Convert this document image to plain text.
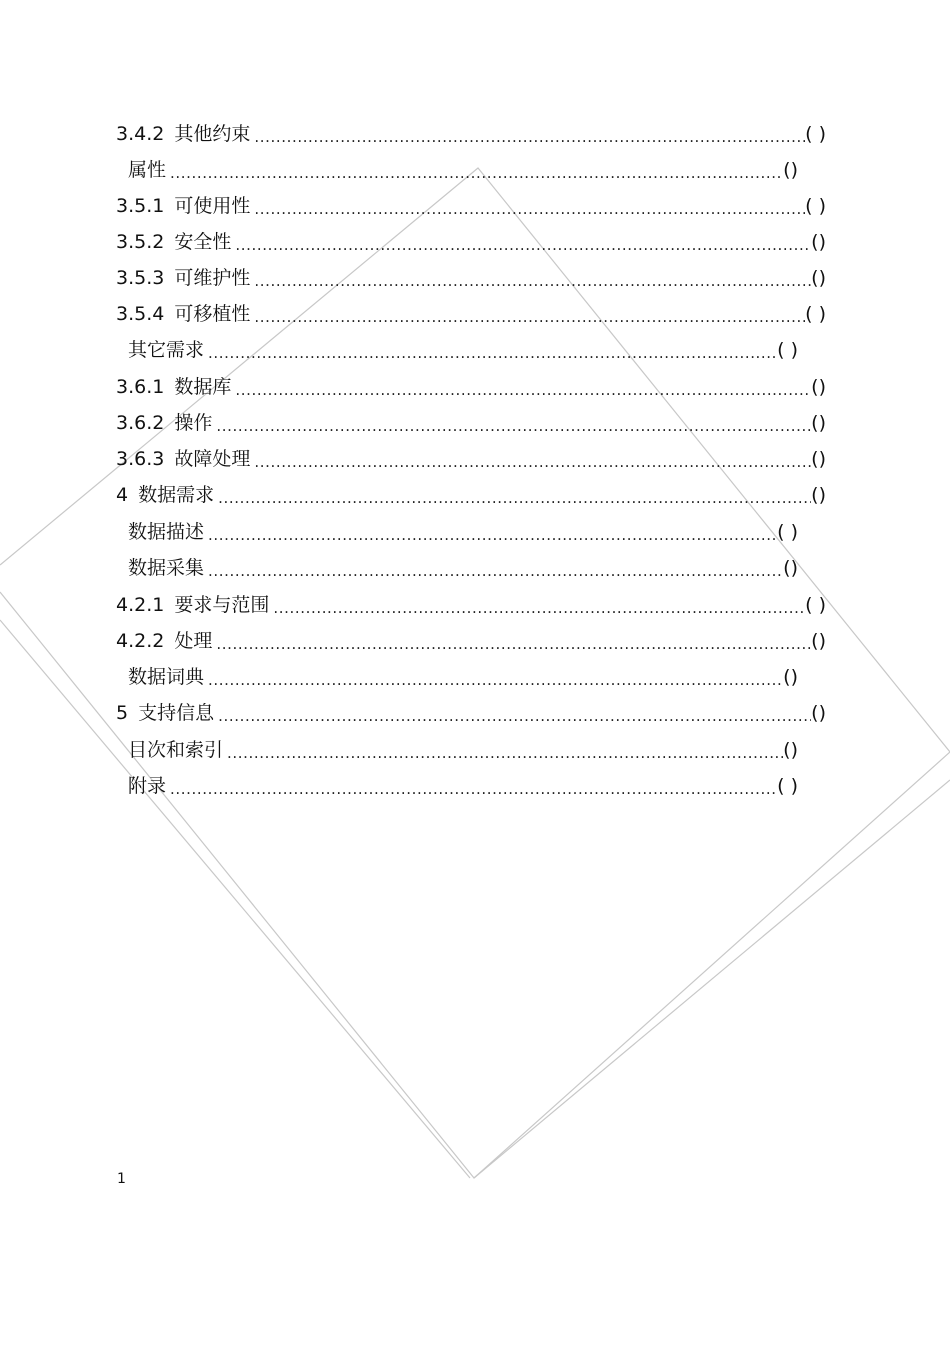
3.4.2 其他约束 .....	( )
属性 .....	()
3.5.1 可使用性 .....	( )
3.5.2 安全性 .....	()
3.5.3 可维护性 .....	()
3.5.4 可移植性 .....	( )
其它需求 .....	( )
3.6.1 数据库 .....	()
3.6.2 操作 .....	()
3.6.3 故障处理 .....	()
4 数据需求 .....	()
数据描述 .....	( )
数据采集 .....	()
4.2.1 要求与范围 .....	( )
4.2.2 处理 .....	()
数据词典 .....	()
5 支持信息 .....	()
目次和索引 .....	()
附录 .....	( )
1
